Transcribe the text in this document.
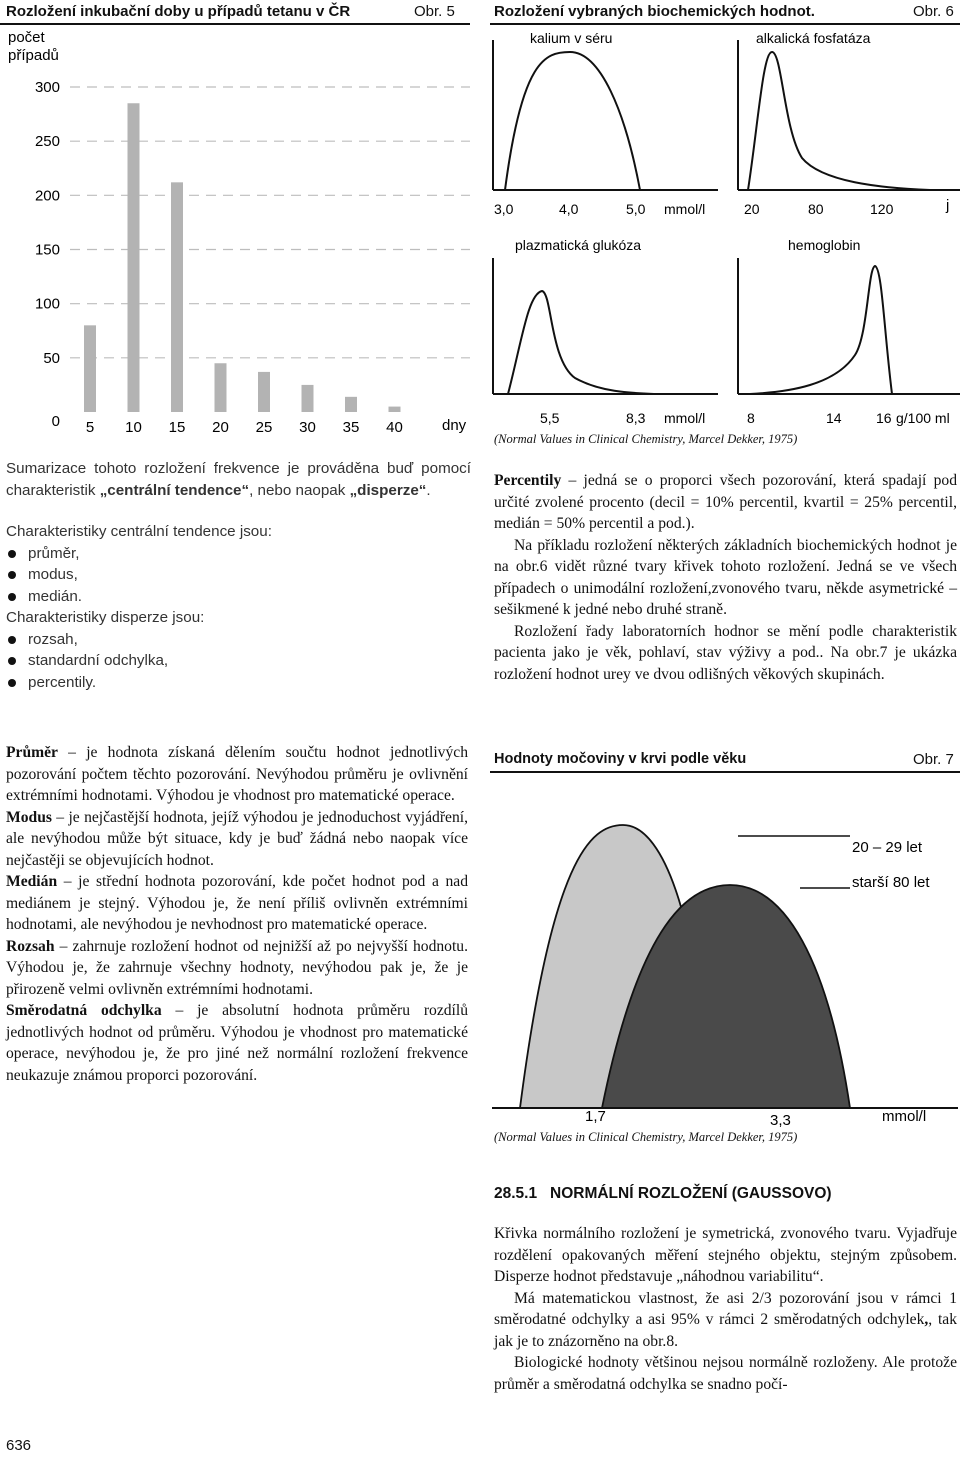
Rozložení inkubační doby u případů tetanu v ČR	Obr. 5
počet
případů
0
50
100
150
200
250
300
5 10 15 20 25 30 35 40	dny
Rozložení vybraných biochemických hodnot.	Obr. 6
kalium v séru
3,0	4,0	5,0 mmol/l
alkalická fosfatáza
20	80	120	j
plazmatická glukóza
5,5	8,3 mmol/l
hemoglobin
8	14 16 g/100 ml
(Normal Values in Clinical Chemistry, Marcel Dekker, 1975)

Sumarizace tohoto rozložení frekvence je prováděna buď pomocí charakteristik „centrální tendence“, nebo naopak „disperze“.

Charakteristiky centrální tendence jsou:

průměr,
modus,
medián.

Charakteristiky disperze jsou:

rozsah,
standardní odchylka,
percentily.

Průměr – je hodnota získaná dělením součtu hodnot jednotlivých pozorování počtem těchto pozorování. Nevýhodou průměru je ovlivnění extrémními hodnotami. Výhodou je vhodnost pro matematické operace.

Modus – je nejčastější hodnota, jejíž výhodou je jednoduchost vyjádření, ale nevýhodou může být situace, kdy je buď žádná nebo naopak více nejčastěji se objevujících hodnot.

Medián – je střední hodnota pozorování, kde počet hodnot pod a nad mediánem je stejný. Výhodou je, že není příliš ovlivněn extrémními hodnotami, ale nevýhodou je nevhodnost pro matematické operace.

Rozsah – zahrnuje rozložení hodnot od nejnižší až po nejvyšší hodnotu. Výhodou je, že zahrnuje všechny hodnoty, nevýhodou pak je, že je přirozeně velmi ovlivněn extrémními hodnotami.

Směrodatná odchylka – je absolutní hodnota průměru rozdílů jednotlivých hodnot od průměru. Výhodou je vhodnost pro matematické operace, nevýhodou je, že pro jiné než normální rozložení frekvence neukazuje známou proporci pozorování.

Percentily – jedná se o proporci všech pozorování, která spadají pod určité zvolené procento (decil = 10% percentil, kvartil = 25% percentil, medián = 50% percentil a pod.).

Na příkladu rozložení některých základních biochemických hodnot je na obr.6 vidět různé tvary křivek tohoto rozložení. Jedná se ve všech případech o unimodální rozložení,zvonového tvaru, někde asymetrické – sešikmené k jedné nebo druhé straně.

Rozložení řady laboratorních hodnor se mění podle charakteristik pacienta jako je věk, pohlaví, stav výživy a pod.. Na obr.7 je ukázka rozložení hodnot urey ve dvou odlišných věkových skupinách.

Hodnoty močoviny v krvi podle věku	Obr. 7
20 – 29 let
starší 80 let
1,7	3,3	mmol/l
(Normal Values in Clinical Chemistry, Marcel Dekker, 1975)
28.5.1   NORMÁLNÍ ROZLOŽENÍ (GAUSSOVO)

Křivka normálního rozložení je symetrická, zvonového tvaru. Vyjadřuje rozdělení opakovaných měření stejného objektu, stejným způsobem. Disperze hodnot představuje „náhodnou variabilitu“.

Má matematickou vlastnost, že asi 2/3 pozorování jsou v rámci 1 směrodatné odchylky a asi 95% v rámci 2 směrodatných odchylek,, tak jak je to znázorněno na obr.8.

Biologické hodnoty většinou nejsou normálně rozloženy. Ale protože průměr a směrodatná odchylka se snadno počí-

636
